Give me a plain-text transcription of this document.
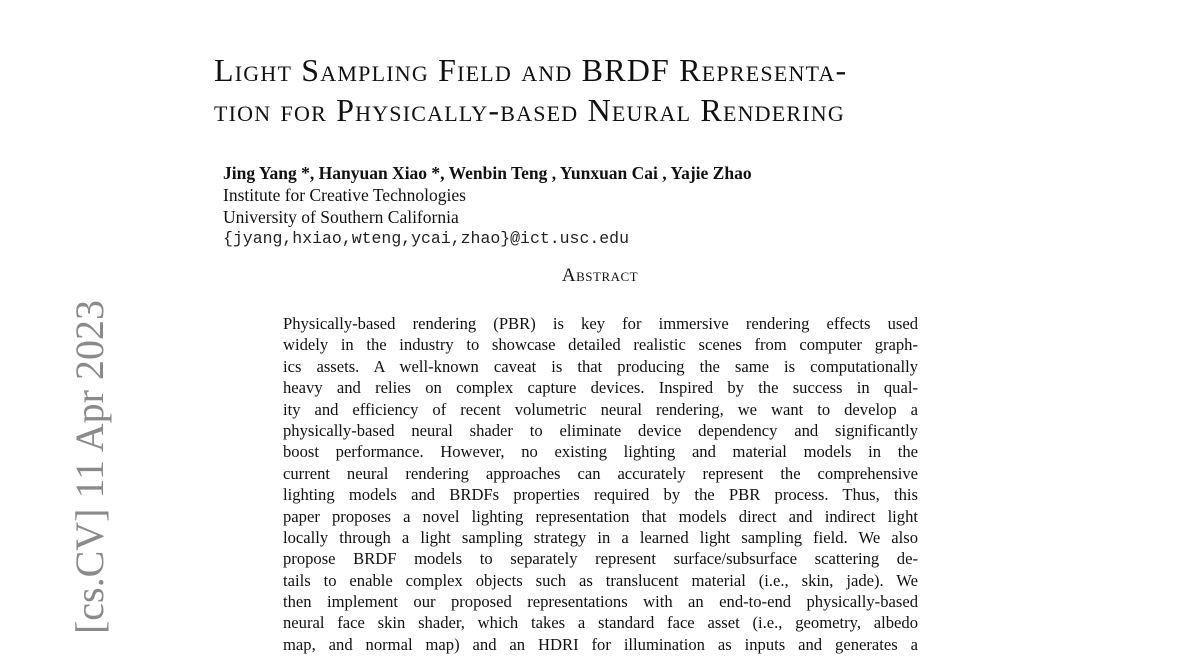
[cs.CV] 11 Apr 2023
Light Sampling Field and BRDF Representa-
tion for Physically-based Neural Rendering
Jing Yang *, Hanyuan Xiao *, Wenbin Teng , Yunxuan Cai , Yajie Zhao
Institute for Creative Technologies
University of Southern California
{jyang,hxiao,wteng,ycai,zhao}@ict.usc.edu
Abstract
Physically-based rendering (PBR) is key for immersive rendering effects used
widely in the industry to showcase detailed realistic scenes from computer graph-
ics assets. A well-known caveat is that producing the same is computationally
heavy and relies on complex capture devices. Inspired by the success in qual-
ity and efficiency of recent volumetric neural rendering, we want to develop a
physically-based neural shader to eliminate device dependency and significantly
boost performance. However, no existing lighting and material models in the
current neural rendering approaches can accurately represent the comprehensive
lighting models and BRDFs properties required by the PBR process. Thus, this
paper proposes a novel lighting representation that models direct and indirect light
locally through a light sampling strategy in a learned light sampling field. We also
propose BRDF models to separately represent surface/subsurface scattering de-
tails to enable complex objects such as translucent material (i.e., skin, jade). We
then implement our proposed representations with an end-to-end physically-based
neural face skin shader, which takes a standard face asset (i.e., geometry, albedo
map, and normal map) and an HDRI for illumination as inputs and generates a
